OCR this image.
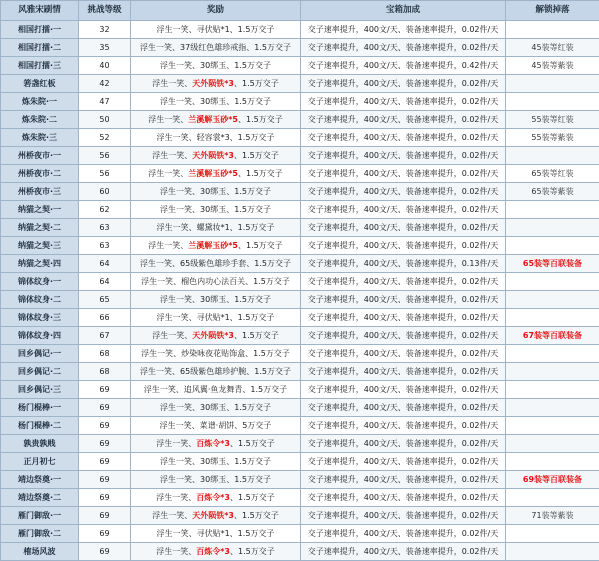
风雅宋刷情	挑战等级	奖励	宝箱加成	解锁掉落
相国打擂·一	32	浮生一笑、寻伏贴*1、1.5万交子	交子速率提升，400文/天、装备速率提升，0.02件/天	
相国打擂·二	35	浮生一笑、37级红色雄珍戒指、1.5万交子	交子速率提升，400文/天、装备速率提升，0.02件/天	45装等红装
相国打擂·三	40	浮生一笑、30绑玉、1.5万交子	交子速率提升，400文/天、装备速率提升，0.42件/天	45装等紫装
箬盏红板	42	浮生一笑、天外陨铁*3、1.5万交子	交子速率提升，400文/天、装备速率提升，0.02件/天	
炼朱院·一	47	浮生一笑、30绑玉、1.5万交子	交子速率提升，400文/天、装备速率提升，0.02件/天	
炼朱院·二	50	浮生一笑、兰溪解玉砂*5、1.5万交子	交子速率提升，400文/天、装备速率提升，0.02件/天	55装等红装
炼朱院·三	52	浮生一笑、轻容裳*3、1.5万交子	交子速率提升，400文/天、装备速率提升，0.02件/天	55装等紫装
州桥夜市·一	56	浮生一笑、天外陨铁*3、1.5万交子	交子速率提升，400文/天、装备速率提升，0.02件/天	
州桥夜市·二	56	浮生一笑、兰溪解玉砂*5、1.5万交子	交子速率提升，400文/天、装备速率提升，0.02件/天	65装等红装
州桥夜市·三	60	浮生一笑、30绑玉、1.5万交子	交子速率提升，400文/天、装备速率提升，0.02件/天	65装等紫装
纳猫之契·一	62	浮生一笑、30绑玉、1.5万交子	交子速率提升，400文/天、装备速率提升，0.02件/天	
纳猫之契·二	63	浮生一笑、螺黛妆*1、1.5万交子	交子速率提升，400文/天、装备速率提升，0.02件/天	
纳猫之契·三	63	浮生一笑、兰溪解玉砂*5、1.5万交子	交子速率提升，400文/天、装备速率提升，0.02件/天	
纳猫之契·四	64	浮生一笑、65级紫色雄珍手套、1.5万交子	交子速率提升，400文/天、装备速率提升，0.13件/天	65装等百联装备
锦体纹身·一	64	浮生一笑、榴色内功心法百关、1.5万交子	交子速率提升，400文/天、装备速率提升，0.02件/天	
锦体纹身·二	65	浮生一笑、30绑玉、1.5万交子	交子速率提升，400文/天、装备速率提升，0.02件/天	
锦体纹身·三	66	浮生一笑、寻伏贴*1、1.5万交子	交子速率提升，400文/天、装备速率提升，0.02件/天	
锦体纹身·四	67	浮生一笑、天外陨铁*3、1.5万交子	交子速率提升，400文/天、装备速率提升，0.02件/天	67装等百联装备
回乡偶记·一	68	浮生一笑、炒染咏夜花贴饰盒、1.5万交子	交子速率提升，400文/天、装备速率提升，0.02件/天	
回乡偶记·二	68	浮生一笑、65级紫色雄珍护腕、1.5万交子	交子速率提升，400文/天、装备速率提升，0.02件/天	
回乡偶记·三	69	浮生一笑、追风翼·鱼龙舞青、1.5万交子	交子速率提升，400文/天、装备速率提升，0.02件/天	
杨门棍棒·一	69	浮生一笑、30绑玉、1.5万交子	交子速率提升，400文/天、装备速率提升，0.02件/天	
杨门棍棒·二	69	浮生一笑、菜谱·胡饼、5万交子	交子速率提升，400文/天、装备速率提升，0.02件/天	
孰贵孰贱	69	浮生一笑、百炼令*3、1.5万交子	交子速率提升，400文/天、装备速率提升，0.02件/天	
正月初七	69	浮生一笑、30绑玉、1.5万交子	交子速率提升，400文/天、装备速率提升，0.02件/天	
靖边祭奠·一	69	浮生一笑、30绑玉、1.5万交子	交子速率提升，400文/天、装备速率提升，0.02件/天	69装等百联装备
靖边祭奠·二	69	浮生一笑、百炼令*3、1.5万交子	交子速率提升，400文/天、装备速率提升，0.02件/天	
雁门御敌·一	69	浮生一笑、天外陨铁*3、1.5万交子	交子速率提升，400文/天、装备速率提升，0.02件/天	71装等紫装
雁门御敌·二	69	浮生一笑、寻伏贴*1、1.5万交子	交子速率提升，400文/天、装备速率提升，0.02件/天	
榷场风波	69	浮生一笑、百炼令*3、1.5万交子	交子速率提升，400文/天、装备速率提升，0.02件/天	
